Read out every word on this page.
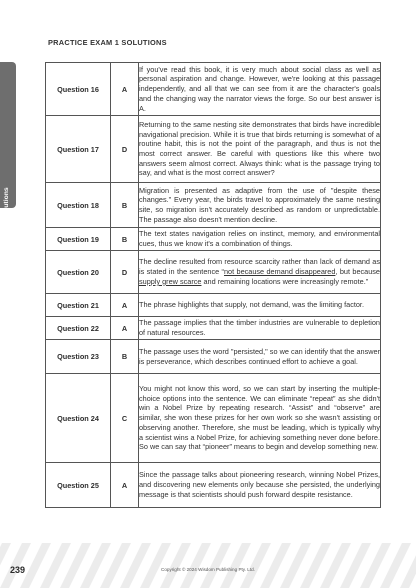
PRACTICE EXAM 1 SOLUTIONS
Reading Solutions
Question 16	A	If you've read this book, it is very much about social class as well as personal aspiration and change. However, we're looking at this passage independently, and all that we can see from it are the character's goals and the changing way the narrator views the forge. So our best answer is A.
Question 17	D	Returning to the same nesting site demonstrates that birds have incredible navigational precision. While it is true that birds returning is somewhat of a routine habit, this is not the point of the paragraph, and thus is not the most correct answer. Be careful with questions like this where two answers seem almost correct. Always think: what is the passage trying to say, and what is the most correct answer?
Question 18	B	Migration is presented as adaptive from the use of "despite these changes." Every year, the birds travel to approximately the same nesting site, so migration isn't accurately described as random or unpredictable. The passage also doesn't mention decline.
Question 19	B	The text states navigation relies on instinct, memory, and environmental cues, thus we know it's a combination of things.
Question 20	D	The decline resulted from resource scarcity rather than lack of demand as is stated in the sentence “not because demand disappeared, but because supply grew scarce and remaining locations were increasingly remote.”
Question 21	A	The phrase highlights that supply, not demand, was the limiting factor.
Question 22	A	The passage implies that the timber industries are vulnerable to depletion of natural resources.
Question 23	B	The passage uses the word "persisted," so we can identify that the answer is perseverance, which describes continued effort to achieve a goal.
Question 24	C	You might not know this word, so we can start by inserting the multiple-choice options into the sentence. We can eliminate “repeat” as she didn't win a Nobel Prize by repeating research. “Assist” and “observe” are similar, she won these prizes for her own work so she wasn't assisting or observing another. Therefore, she must be leading, which is typically why a scientist wins a Nobel Prize, for achieving something never done before. So we can say that “pioneer” means to begin and develop something new.
Question 25	A	Since the passage talks about pioneering research, winning Nobel Prizes, and discovering new elements only because she persisted, the underlying message is that scientists should push forward despite resistance.
239	Copyright © 2024 Wisdom Publishing Pty. Ltd.
